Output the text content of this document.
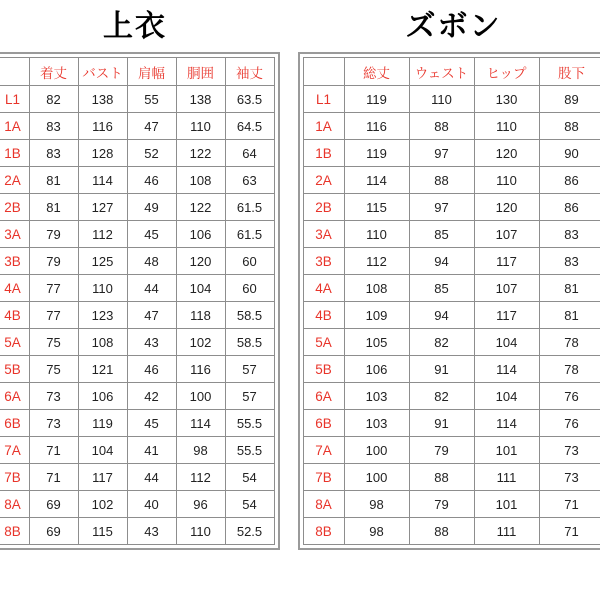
上衣
	着丈	バスト	肩幅	胴囲	袖丈
L1	82	138	55	138	63.5
1A	83	116	47	110	64.5
1B	83	128	52	122	64
2A	81	114	46	108	63
2B	81	127	49	122	61.5
3A	79	112	45	106	61.5
3B	79	125	48	120	60
4A	77	110	44	104	60
4B	77	123	47	118	58.5
5A	75	108	43	102	58.5
5B	75	121	46	116	57
6A	73	106	42	100	57
6B	73	119	45	114	55.5
7A	71	104	41	98	55.5
7B	71	117	44	112	54
8A	69	102	40	96	54
8B	69	115	43	110	52.5
ズボン
	総丈	ウェスト	ヒップ	股下
L1	119	110	130	89
1A	116	88	110	88
1B	119	97	120	90
2A	114	88	110	86
2B	115	97	120	86
3A	110	85	107	83
3B	112	94	117	83
4A	108	85	107	81
4B	109	94	117	81
5A	105	82	104	78
5B	106	91	114	78
6A	103	82	104	76
6B	103	91	114	76
7A	100	79	101	73
7B	100	88	111	73
8A	98	79	101	71
8B	98	88	111	71
